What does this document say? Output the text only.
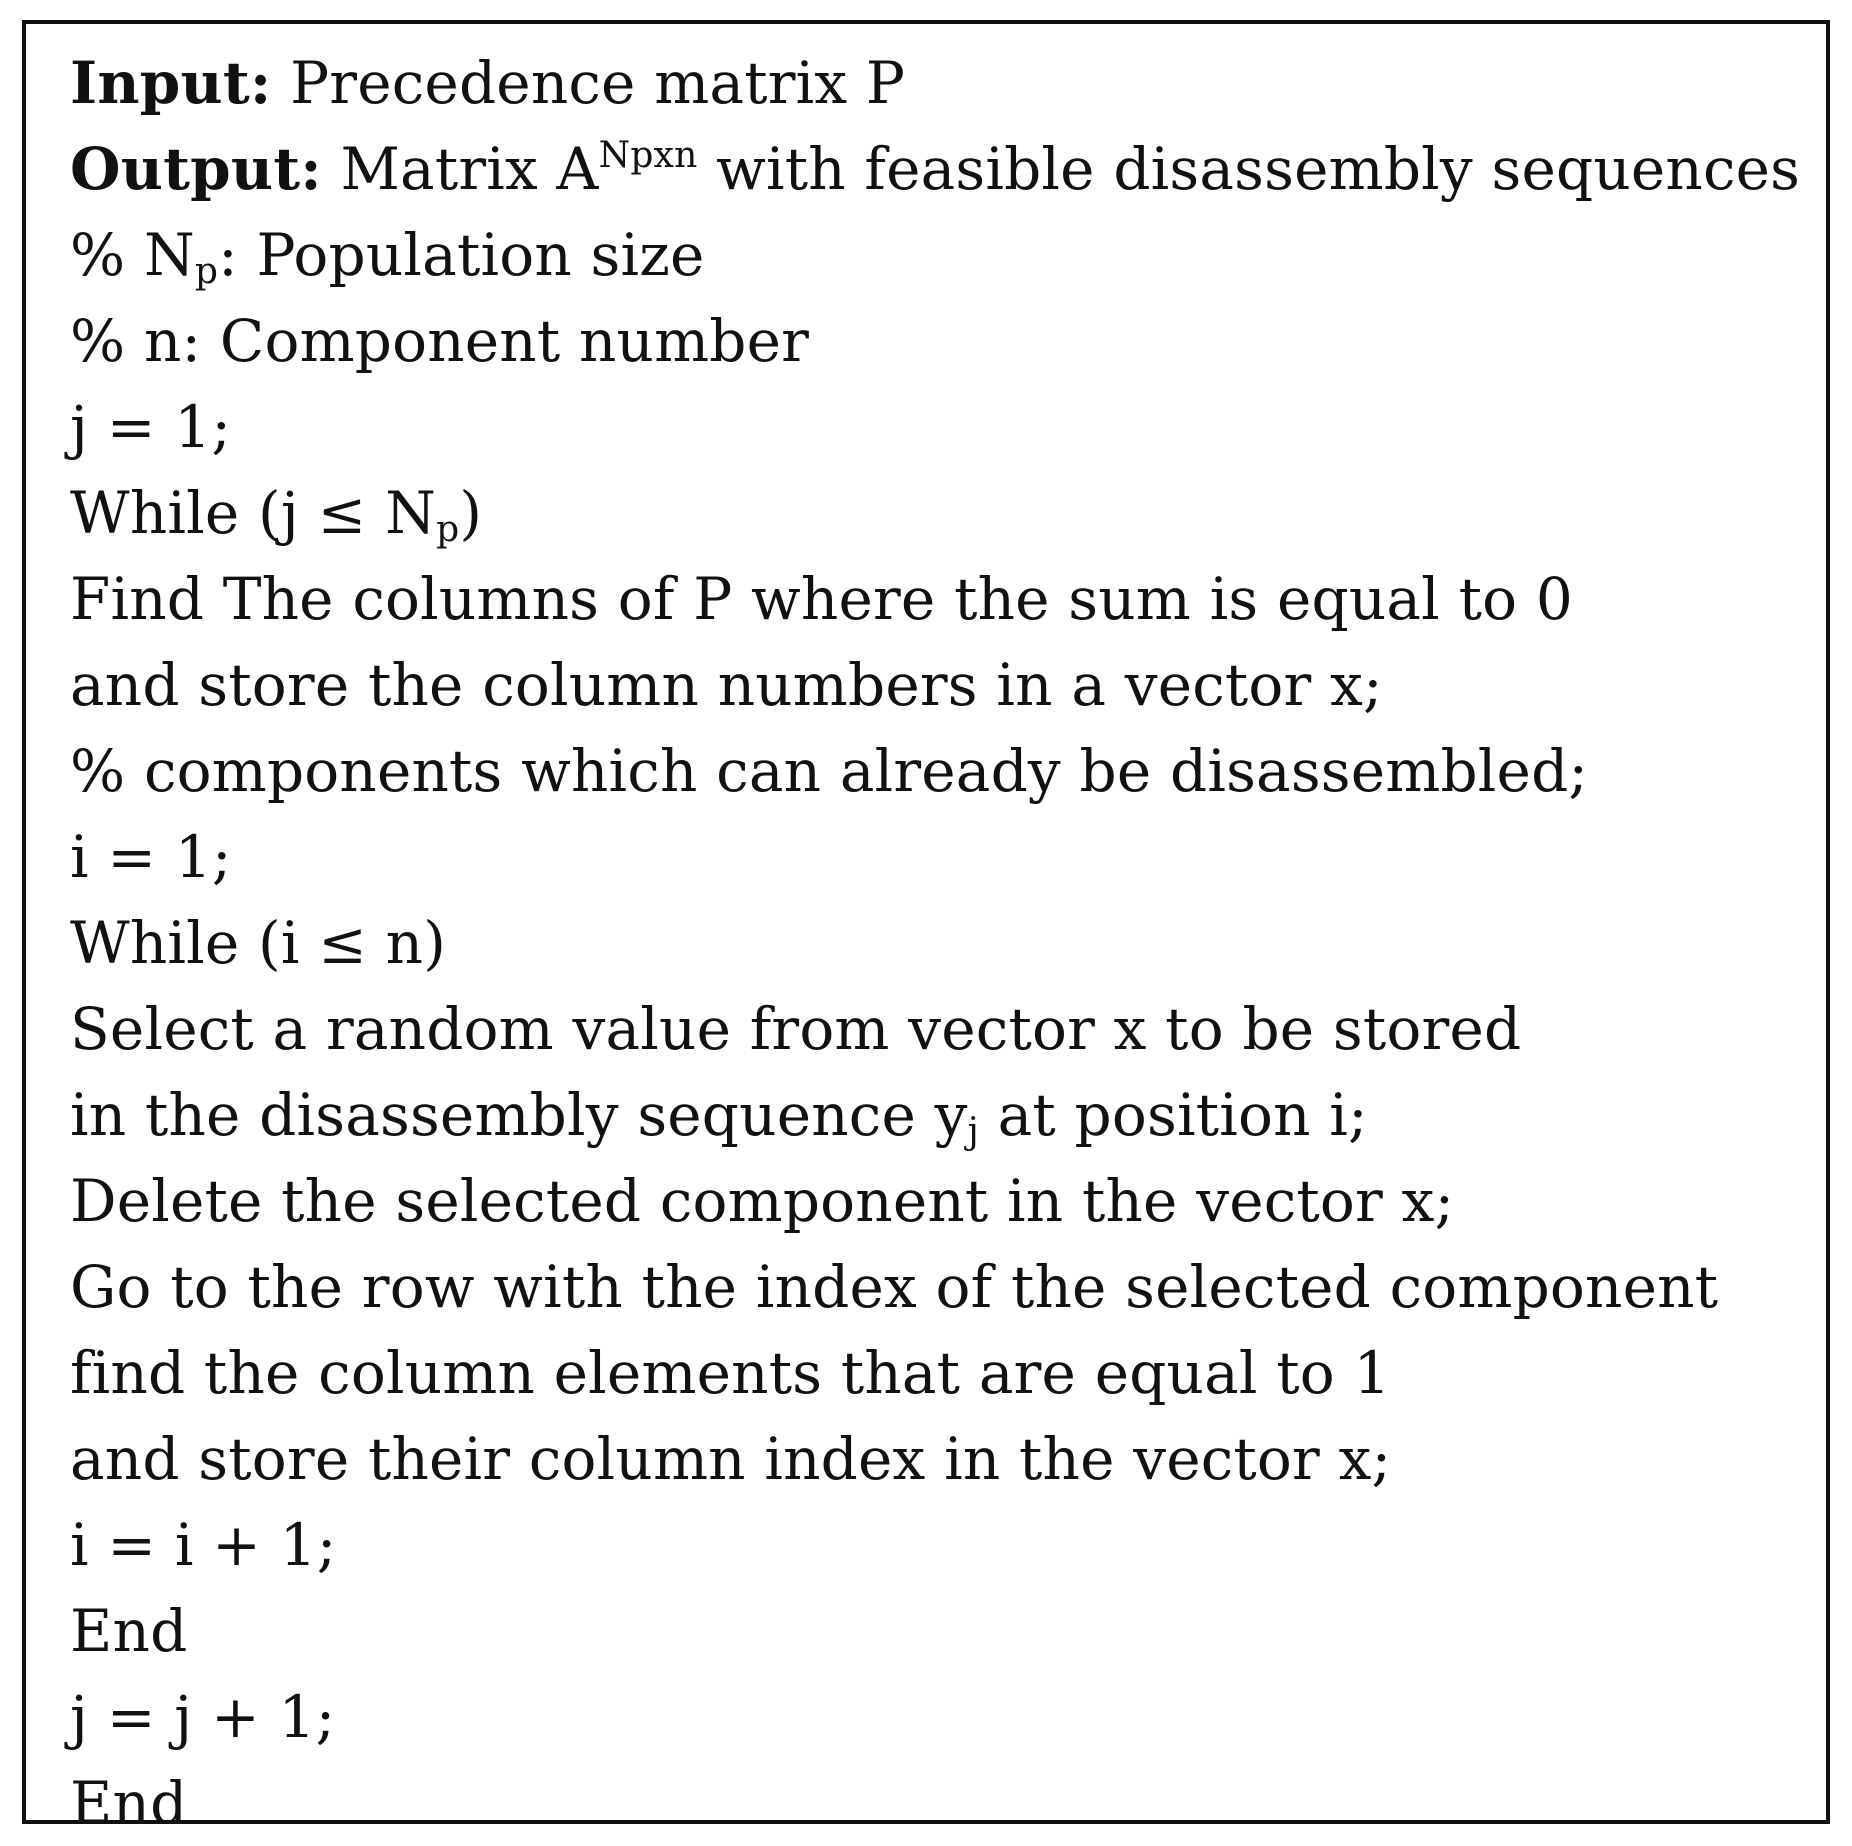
Input: Precedence matrix P
Output: Matrix $A^{Npxn}$ with feasible disassembly sequences
% $N_p$: Population size
% n: Component number
j = 1;
While $(j \le N_p)$
Find The columns of P where the sum is equal to 0
and store the column numbers in a vector x;
% components which can already be disassembled;
i = 1;
While (i ≤ n)
Select a random value from vector x to be stored
in the disassembly sequence $y_j$ at position i;
Delete the selected component in the vector x;
Go to the row with the index of the selected component
find the column elements that are equal to 1
and store their column index in the vector x;
i = i + 1;
End
j = j + 1;
End
